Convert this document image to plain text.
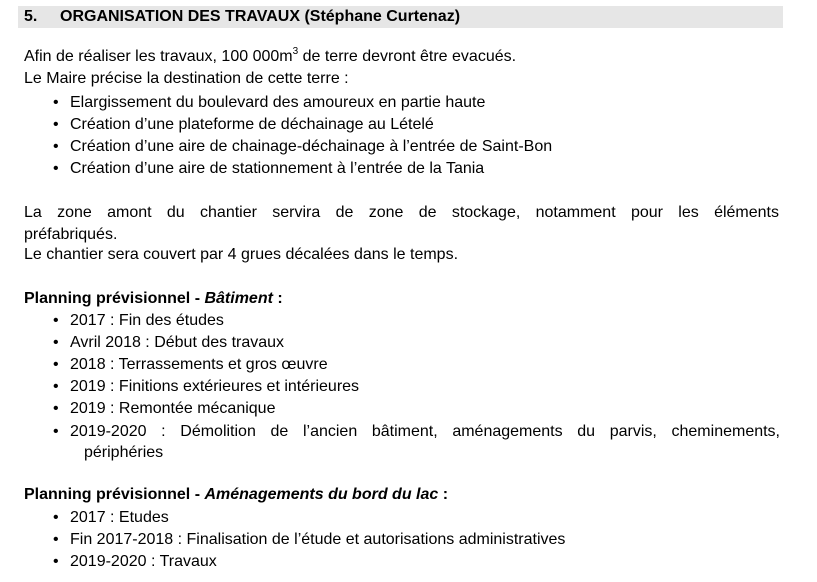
5. ORGANISATION DES TRAVAUX (Stéphane Curtenaz)
Afin de réaliser les travaux, 100 $000m^3$ de terre devront être evacués.
Le Maire précise la destination de cette terre :
• Elargissement du boulevard des amoureux en partie haute
• Création d’une plateforme de déchainage au Lételé
• Création d’une aire de chainage-déchainage à l’entrée de Saint-Bon
• Création d’une aire de stationnement à l’entrée de la Tania
La zone amont du chantier servira de zone de stockage, notamment pour les éléments
préfabriqués.
Le chantier sera couvert par 4 grues décalées dans le temps.
Planning prévisionnel - Bâtiment :
• 2017 : Fin des études
• Avril 2018 : Début des travaux
• 2018 : Terrassements et gros œuvre
• 2019 : Finitions extérieures et intérieures
• 2019 : Remontée mécanique
• 2019-2020 : Démolition de l’ancien bâtiment, aménagements du parvis, cheminements,
périphéries
Planning prévisionnel - Aménagements du bord du lac :
• 2017 : Etudes
• Fin 2017-2018 : Finalisation de l’étude et autorisations administratives
• 2019-2020 : Travaux
